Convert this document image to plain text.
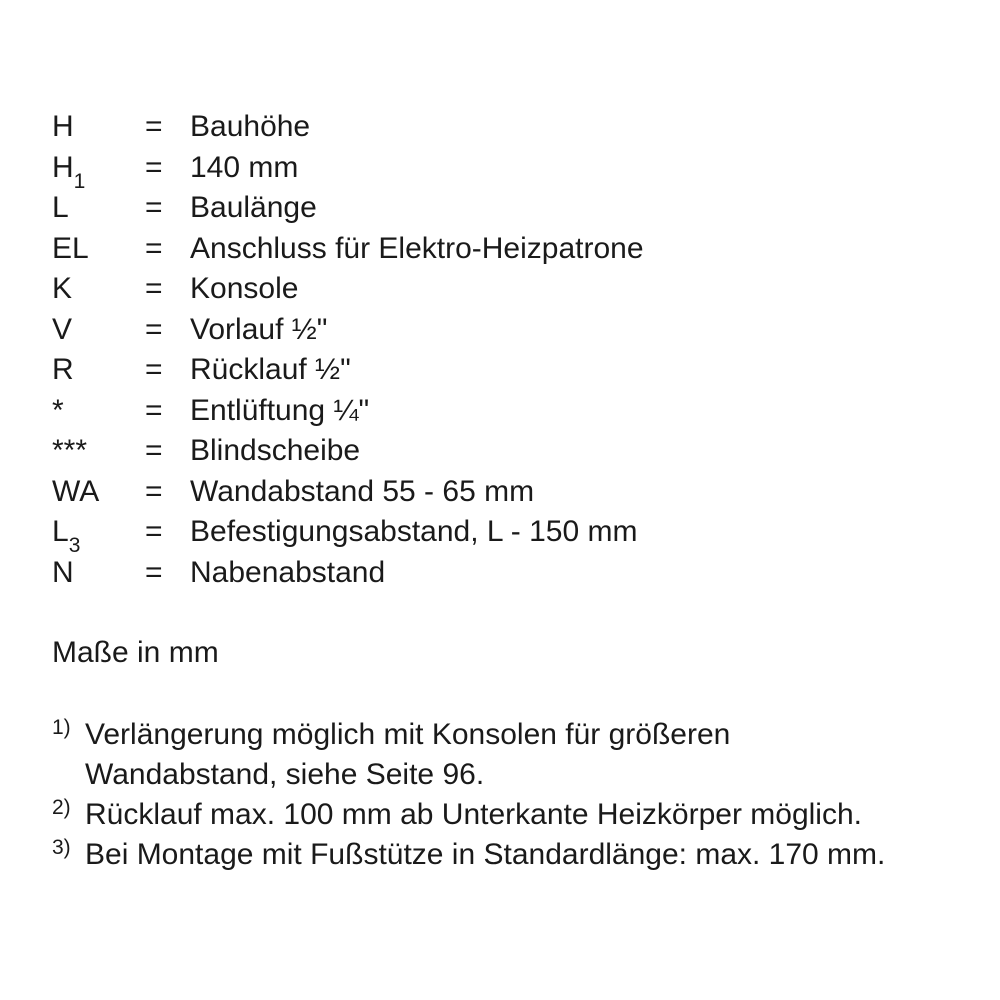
H	= Bauhöhe
$H_1$	= 140 mm
L	= Baulänge
EL	= Anschluss für Elektro-Heizpatrone
K	= Konsole
V	= Vorlauf ½"
R	= Rücklauf ½"
*	= Entlüftung ¼"
***	= Blindscheibe
WA	= Wandabstand 55 - 65 mm
$L_3$	= Befestigungsabstand, L - 150 mm
N	= Nabenabstand
Maße in mm
1) Verlängerung möglich mit Konsolen für größeren Wandabstand, siehe Seite 96.
2) Rücklauf max. 100 mm ab Unterkante Heizkörper möglich.
3) Bei Montage mit Fußstütze in Standardlänge: max. 170 mm.
